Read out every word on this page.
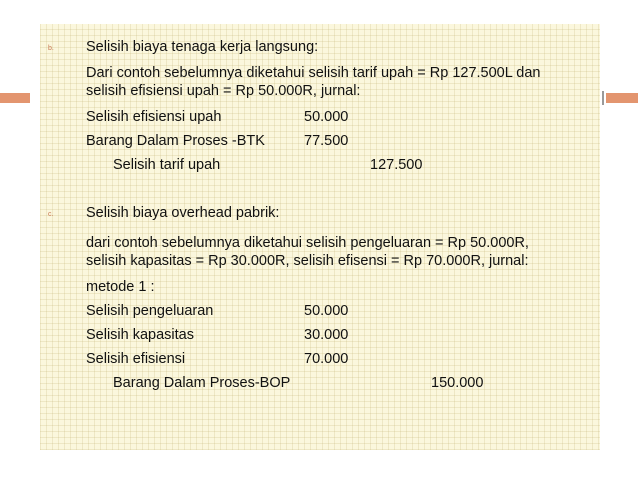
b. Selisih biaya tenaga kerja langsung:
Dari contoh sebelumnya diketahui selisih tarif upah = Rp 127.500L dan
selisih efisiensi upah = Rp 50.000R, jurnal:
Selisih efisiensi upah	50.000
Barang Dalam Proses -BTK	77.500
Selisih tarif upah	127.500
c. Selisih biaya overhead pabrik:
dari contoh sebelumnya diketahui selisih pengeluaran = Rp 50.000R,
selisih kapasitas = Rp 30.000R, selisih efisensi = Rp 70.000R, jurnal:
metode 1 :
Selisih pengeluaran	50.000
Selisih kapasitas	30.000
Selisih efisiensi	70.000
Barang Dalam Proses-BOP	150.000
